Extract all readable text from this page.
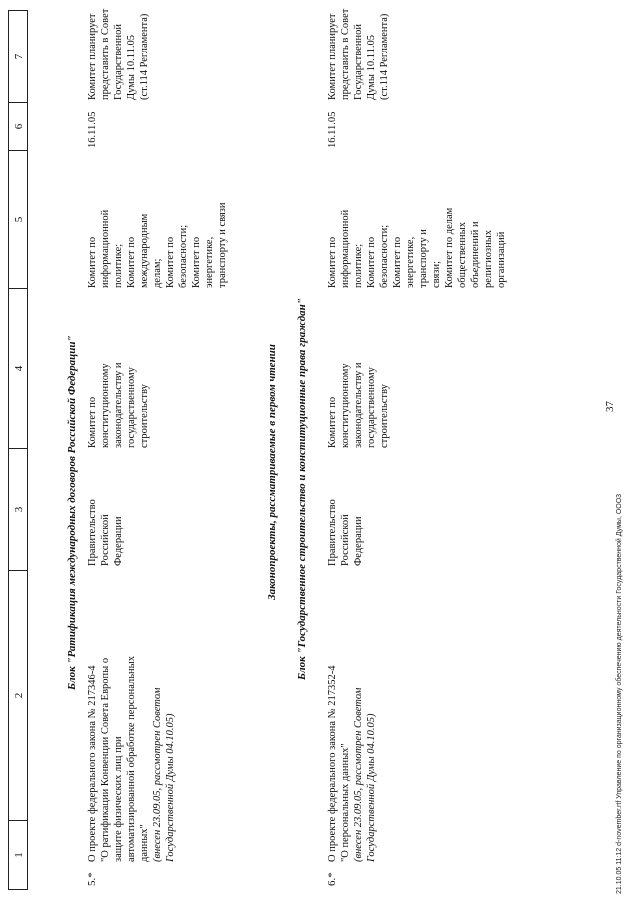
37
1
2
3
4
5
6
7
Блок "Ратификация международных договоров Российской Федерации"
5.*
О проекте федерального закона № 217346-4 "О ратификации Конвенции Совета Европы о защите физических лиц при автоматизированной обработке персональных данных" (внесен 23.09.05, рассмотрен Советом Государственной Думы 04.10.05)
Правительство Российской Федерации
Комитет по конституционному законодательству и государственному строительству
Комитет по информационной политике; Комитет по международным делам; Комитет по безопасности; Комитет по энергетике, транспорту и связи
16.11.05
Комитет планирует представить в Совет Государственной Думы 10.11.05 (ст.114 Регламента)
Законопроекты, рассматриваемые в первом чтении Блок "Государственное строительство и конституционные права граждан"
6.*
О проекте федерального закона № 217352-4 "О персональных данных" (внесен 23.09.05, рассмотрен Советом Государственной Думы 04.10.05)
Правительство Российской Федерации
Комитет по конституционному законодательству и государственному строительству
Комитет по информационной политике; Комитет по безопасности; Комитет по энергетике, транспорту и связи; Комитет по делам общественных объединений и религиозных организаций
16.11.05
Комитет планирует представить в Совет Государственной Думы 10.11.05 (ст.114 Регламента)
21.10.05 11:12 d-november.rtf Управление по организационному обеспечению деятельности Государственной Думы, ООО3
